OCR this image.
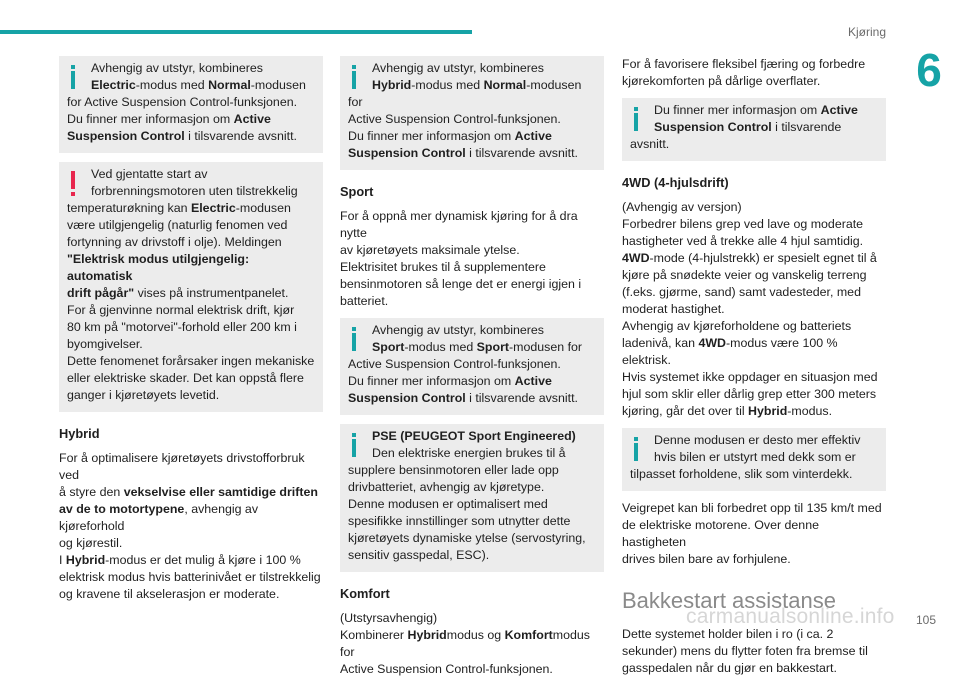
Kjøring
6
Avhengig av utstyr, kombineres
Electric-modus med Normal-modusen
for Active Suspension Control-funksjonen.
Du finner mer informasjon om Active
Suspension Control i tilsvarende avsnitt.
Ved gjentatte start av
forbrenningsmotoren uten tilstrekkelig
temperaturøkning kan Electric-modusen
være utilgjengelig (naturlig fenomen ved
fortynning av drivstoff i olje). Meldingen
"Elektrisk modus utilgjengelig: automatisk
drift pågår" vises på instrumentpanelet.
For å gjenvinne normal elektrisk drift, kjør
80 km på "motorvei"-forhold eller 200 km i
byomgivelser.
Dette fenomenet forårsaker ingen mekaniske
eller elektriske skader. Det kan oppstå flere
ganger i kjøretøyets levetid.
Hybrid
For å optimalisere kjøretøyets drivstofforbruk ved
å styre den vekselvise eller samtidige driften
av de to motortypene, avhengig av kjøreforhold
og kjørestil.
I Hybrid-modus er det mulig å kjøre i 100 %
elektrisk modus hvis batterinivået er tilstrekkelig
og kravene til akselerasjon er moderate.
Avhengig av utstyr, kombineres
Hybrid-modus med Normal-modusen for
Active Suspension Control-funksjonen.
Du finner mer informasjon om Active
Suspension Control i tilsvarende avsnitt.
Sport
For å oppnå mer dynamisk kjøring for å dra nytte
av kjøretøyets maksimale ytelse.
Elektrisitet brukes til å supplementere
bensinmotoren så lenge det er energi igjen i
batteriet.
Avhengig av utstyr, kombineres
Sport-modus med Sport-modusen for
Active Suspension Control-funksjonen.
Du finner mer informasjon om Active
Suspension Control i tilsvarende avsnitt.
PSE (PEUGEOT Sport Engineered)
Den elektriske energien brukes til å
supplere bensinmotoren eller lade opp
drivbatteriet, avhengig av kjøretype.
Denne modusen er optimalisert med
spesifikke innstillinger som utnytter dette
kjøretøyets dynamiske ytelse (servostyring,
sensitiv gasspedal, ESC).
Komfort
(Utstyrsavhengig)
Kombinerer Hybridmodus og Komfortmodus for
Active Suspension Control-funksjonen.
For å favorisere fleksibel fjæring og forbedre
kjørekomforten på dårlige overflater.
Du finner mer informasjon om Active
Suspension Control i tilsvarende
avsnitt.
4WD (4-hjulsdrift)
(Avhengig av versjon)
Forbedrer bilens grep ved lave og moderate
hastigheter ved å trekke alle 4 hjul samtidig.
4WD-mode (4-hjulstrekk) er spesielt egnet til å
kjøre på snødekte veier og vanskelig terreng
(f.eks. gjørme, sand) samt vadesteder, med
moderat hastighet.
Avhengig av kjøreforholdene og batteriets
ladenivå, kan 4WD-modus være 100 % elektrisk.
Hvis systemet ikke oppdager en situasjon med
hjul som sklir eller dårlig grep etter 300 meters
kjøring, går det over til Hybrid-modus.
Denne modusen er desto mer effektiv
hvis bilen er utstyrt med dekk som er
tilpasset forholdene, slik som vinterdekk.
Veigrepet kan bli forbedret opp til 135 km/t med
de elektriske motorene. Over denne hastigheten
drives bilen bare av forhjulene.
Bakkestart assistanse
Dette systemet holder bilen i ro (i ca. 2
sekunder) mens du flytter foten fra bremse til
gasspedalen når du gjør en bakkestart.
carmanualsonline.info 105
